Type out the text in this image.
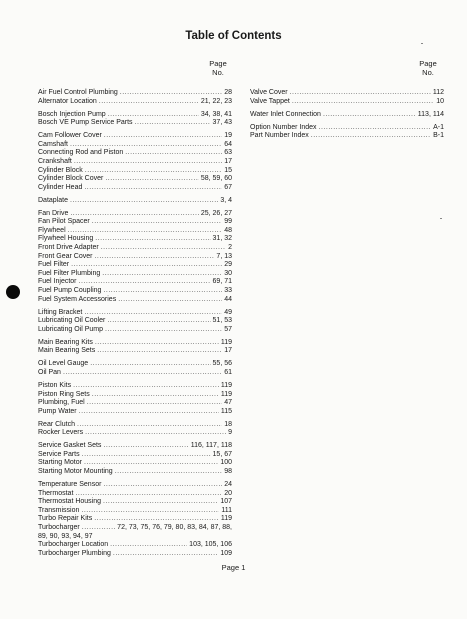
Table of Contents
Page
No.
Page
No.
Air Fuel Control Plumbing .....	28
Alternator Location .....	21, 22, 23
Bosch Injection Pump .....	34, 38, 41
Bosch VE Pump Service Parts .....	37, 43
Cam Follower Cover .....	19
Camshaft .....	64
Connecting Rod and Piston .....	63
Crankshaft .....	17
Cylinder Block .....	15
Cylinder Block Cover .....	58, 59, 60
Cylinder Head .....	67
Dataplate .....	3, 4
Fan Drive .....	25, 26, 27
Fan Pilot Spacer .....	99
Flywheel .....	48
Flywheel Housing .....	31, 32
Front Drive Adapter .....	2
Front Gear Cover .....	7, 13
Fuel Filter .....	29
Fuel Filter Plumbing .....	30
Fuel Injector .....	69, 71
Fuel Pump Coupling .....	33
Fuel System Accessories .....	44
Lifting Bracket .....	49
Lubricating Oil Cooler .....	51, 53
Lubricating Oil Pump .....	57
Main Bearing Kits .....	119
Main Bearing Sets .....	17
Oil Level Gauge .....	55, 56
Oil Pan .....	61
Piston Kits .....	119
Piston Ring Sets .....	119
Plumbing, Fuel .....	47
Pump Water .....	115
Rear Clutch .....	18
Rocker Levers .....	9
Service Gasket Sets .....	116, 117, 118
Service Parts .....	15, 67
Starting Motor .....	100
Starting Motor Mounting .....	98
Temperature Sensor .....	24
Thermostat .....	20
Thermostat Housing .....	107
Transmission .....	111
Turbo Repair Kits .....	119
Turbocharger .....	72, 73, 75, 76, 79, 80, 83, 84, 87, 88,
89, 90, 93, 94, 97
Turbocharger Location .....	103, 105, 106
Turbocharger Plumbing .....	109
Valve Cover .....	112
Valve Tappet .....	10
Water Inlet Connection .....	113, 114
Option Number Index .....	A-1
Part Number Index .....	B-1
Page 1
